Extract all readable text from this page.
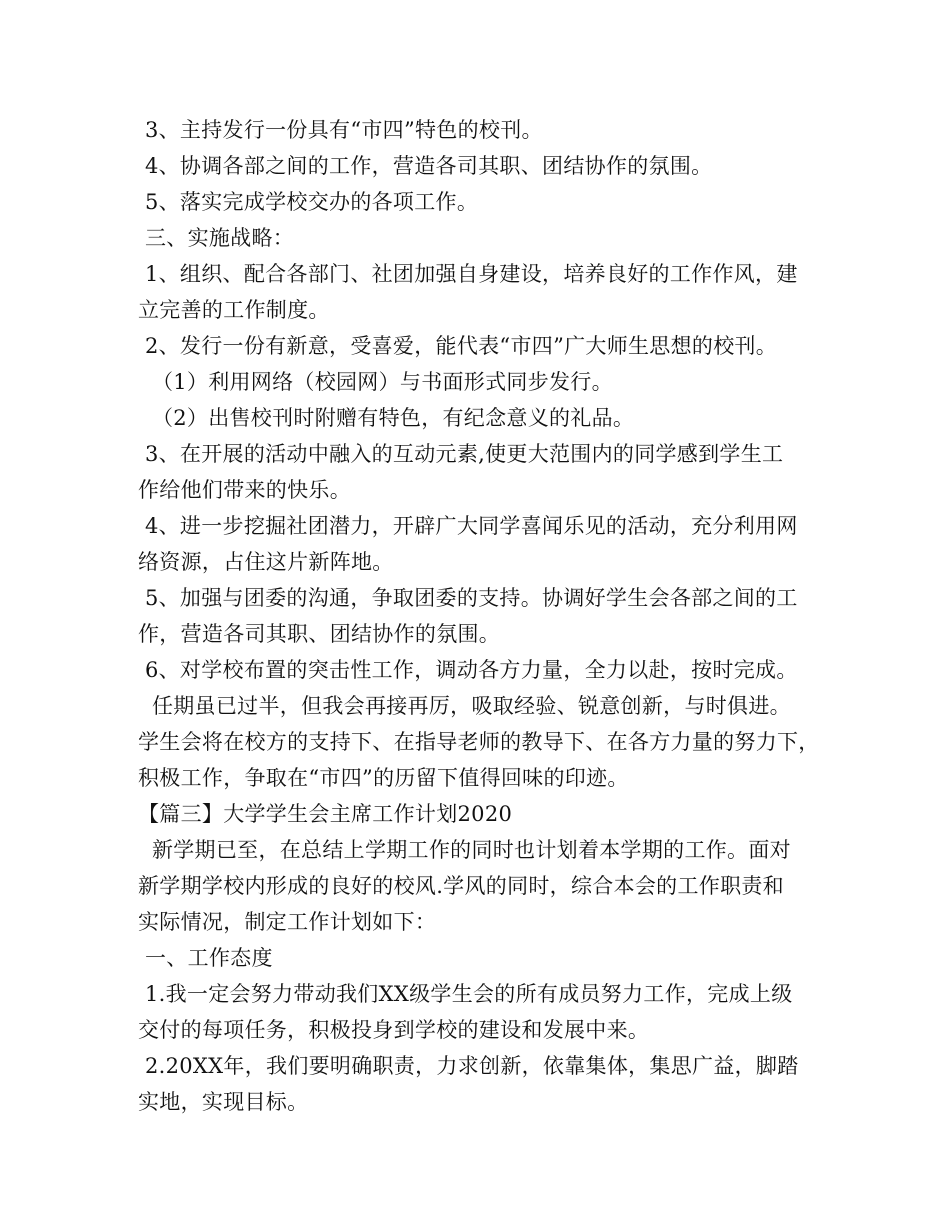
3、主持发行一份具有“市四”特色的校刊。
4、协调各部之间的工作，营造各司其职、团结协作的氛围。
5、落实完成学校交办的各项工作。
三、实施战略：
1、组织、配合各部门、社团加强自身建设，培养良好的工作作风，建
立完善的工作制度。
2、发行一份有新意，受喜爱，能代表“市四”广大师生思想的校刊。
（1）利用网络（校园网）与书面形式同步发行。
（2）出售校刊时附赠有特色，有纪念意义的礼品。
3、在开展的活动中融入的互动元素,使更大范围内的同学感到学生工
作给他们带来的快乐。
4、进一步挖掘社团潜力，开辟广大同学喜闻乐见的活动，充分利用网
络资源，占住这片新阵地。
5、加强与团委的沟通，争取团委的支持。协调好学生会各部之间的工
作，营造各司其职、团结协作的氛围。
6、对学校布置的突击性工作，调动各方力量，全力以赴，按时完成。
任期虽已过半，但我会再接再厉，吸取经验、锐意创新，与时俱进。
学生会将在校方的支持下、在指导老师的教导下、在各方力量的努力下，
积极工作，争取在“市四”的历留下值得回味的印迹。
【篇三】大学学生会主席工作计划2020
新学期已至，在总结上学期工作的同时也计划着本学期的工作。面对
新学期学校内形成的良好的校风.学风的同时，综合本会的工作职责和
实际情况，制定工作计划如下：
一、工作态度
1.我一定会努力带动我们XX级学生会的所有成员努力工作，完成上级
交付的每项任务，积极投身到学校的建设和发展中来。
2.20XX年，我们要明确职责，力求创新，依靠集体，集思广益，脚踏
实地，实现目标。
